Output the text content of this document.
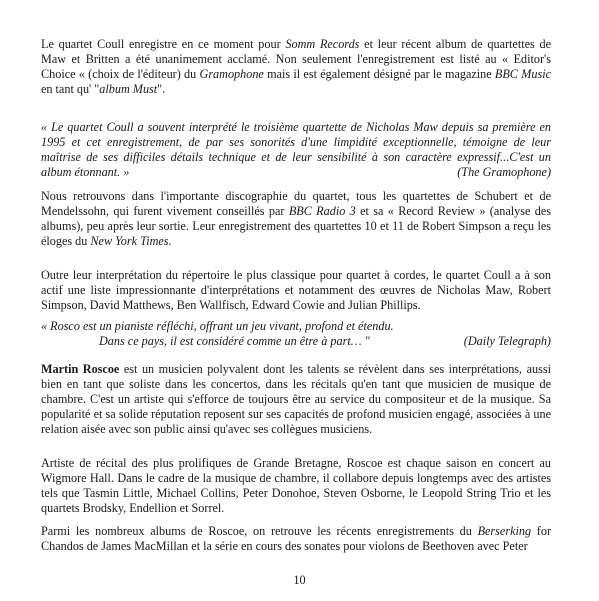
Le quartet Coull enregistre en ce moment pour Somm Records et leur récent album de quartettes de Maw et Britten a été unanimement acclamé. Non seulement l'enregistrement est listé au « Editor's Choice « (choix de l'éditeur) du Gramophone mais il est également désigné par le magazine BBC Music en tant qu' "album Must".

« Le quartet Coull a souvent interprété le troisième quartette de Nicholas Maw depuis sa première en 1995 et cet enregistrement, de par ses sonorités d'une limpidité exceptionnelle, témoigne de leur maîtrise de ses difficiles détails technique et de leur sensibilité à son caractère expressif...C'est un album étonnant. »	(The Gramophone)

Nous retrouvons dans l'importante discographie du quartet, tous les quartettes de Schubert et de Mendelssohn, qui furent vivement conseillés par BBC Radio 3 et sa « Record Review » (analyse des albums), peu après leur sortie. Leur enregistrement des quartettes 10 et 11 de Robert Simpson a reçu les éloges du New York Times.

Outre leur interprétation du répertoire le plus classique pour quartet à cordes, le quartet Coull a à son actif une liste impressionnante d'interprétations et notamment des œuvres de Nicholas Maw, Robert Simpson, David Matthews, Ben Wallfisch, Edward Cowie and Julian Phillips.

« Rosco est un pianiste réfléchi, offrant un jeu vivant, profond et étendu.
Dans ce pays, il est considéré comme un être à part… "	(Daily Telegraph)

Martin Roscoe est un musicien polyvalent dont les talents se révèlent dans ses interprétations, aussi bien en tant que soliste dans les concertos, dans les récitals qu'en tant que musicien de musique de chambre. C'est un artiste qui s'efforce de toujours être au service du compositeur et de la musique. Sa popularité et sa solide réputation reposent sur ses capacités de profond musicien engagé, associées à une relation aisée avec son public ainsi qu'avec ses collègues musiciens.

Artiste de récital des plus prolifiques de Grande Bretagne, Roscoe est chaque saison en concert au Wigmore Hall. Dans le cadre de la musique de chambre, il collabore depuis longtemps avec des artistes tels que Tasmin Little, Michael Collins, Peter Donohoe, Steven Osborne, le Leopold String Trio et les quartets Brodsky, Endellion et Sorrel.

Parmi les nombreux albums de Roscoe, on retrouve les récents enregistrements du Berserking for Chandos de James MacMillan et la série en cours des sonates pour violons de Beethoven avec Peter

10
